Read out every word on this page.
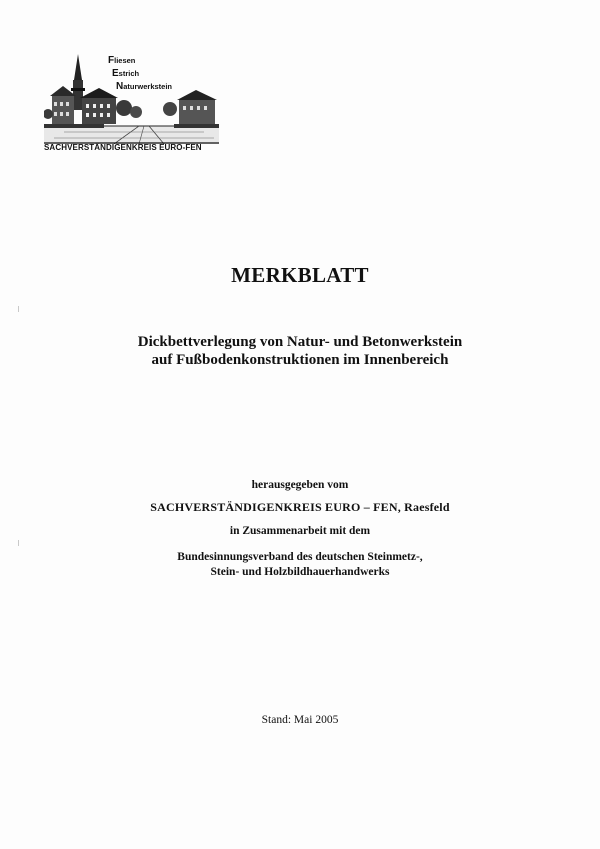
Fliesen
Estrich
Naturwerkstein
SACHVERSTÄNDIGENKREIS EURO-FEN
MERKBLATT
Dickbettverlegung von Natur- und Betonwerkstein
auf Fußbodenkonstruktionen im Innenbereich
herausgegeben vom
SACHVERSTÄNDIGENKREIS EURO – FEN, Raesfeld
in Zusammenarbeit mit dem
Bundesinnungsverband des deutschen Steinmetz-,
Stein- und Holzbildhauerhandwerks
Stand: Mai 2005
